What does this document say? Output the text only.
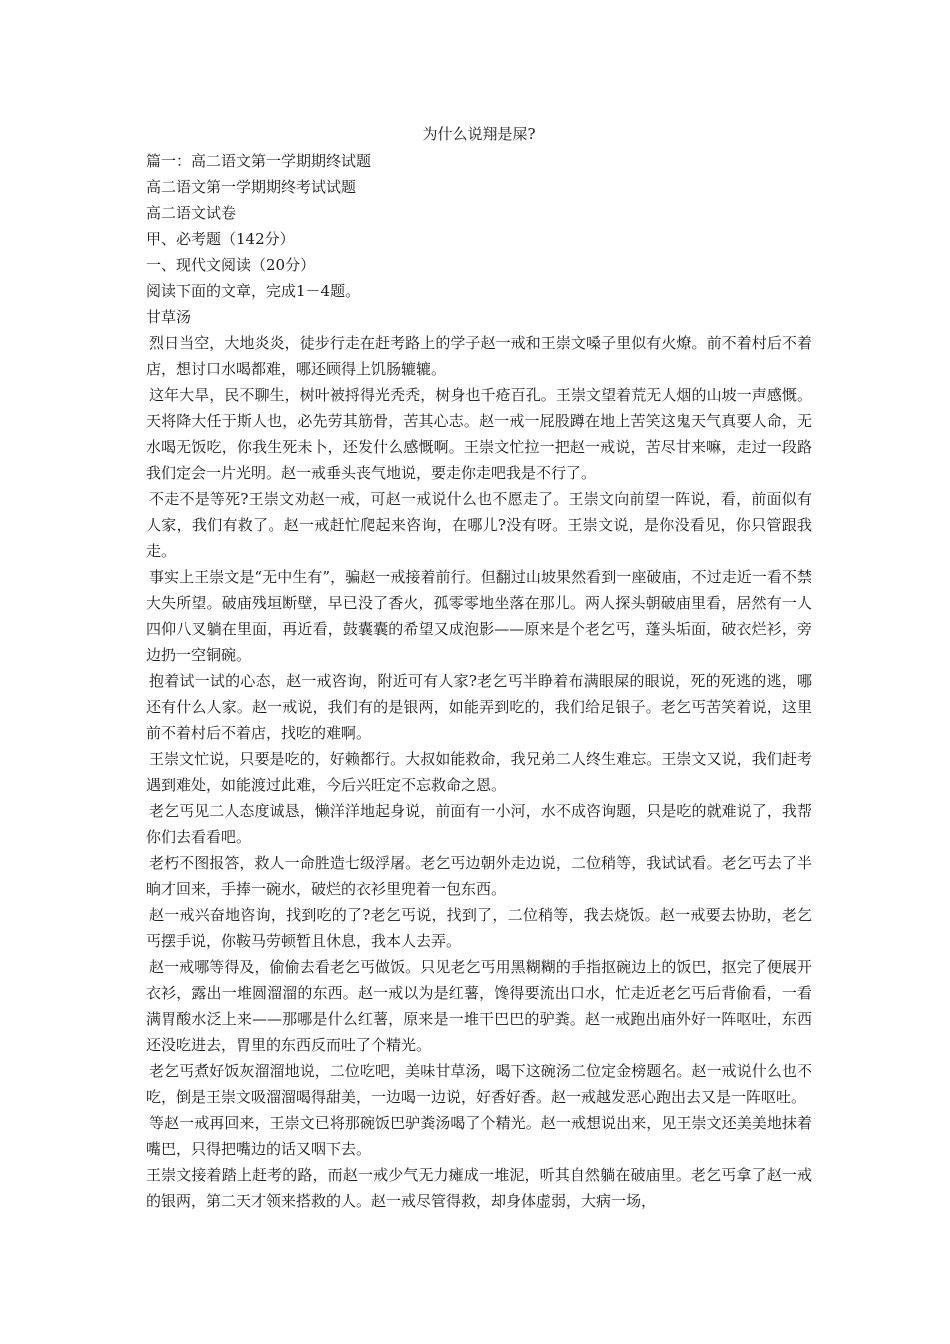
为什么说翔是屎?

篇一：高二语文第一学期期终试题

高二语文第一学期期终考试试题

高二语文试卷

甲、必考题（142分）

一、现代文阅读（20分）

阅读下面的文章，完成1－4题。

甘草汤

烈日当空，大地炎炎，徒步行走在赶考路上的学子赵一戒和王崇文嗓子里似有火燎。前不着村后不着店，想讨口水喝都难，哪还顾得上饥肠辘辘。

这年大旱，民不聊生，树叶被捋得光秃秃，树身也千疮百孔。王崇文望着荒无人烟的山坡一声感慨。天将降大任于斯人也，必先劳其筋骨，苦其心志。赵一戒一屁股蹲在地上苦笑这鬼天气真要人命，无水喝无饭吃，你我生死未卜，还发什么感慨啊。王崇文忙拉一把赵一戒说，苦尽甘来嘛，走过一段路我们定会一片光明。赵一戒垂头丧气地说，要走你走吧我是不行了。

不走不是等死?王崇文劝赵一戒，可赵一戒说什么也不愿走了。王崇文向前望一阵说，看，前面似有人家，我们有救了。赵一戒赶忙爬起来咨询，在哪儿?没有呀。王崇文说，是你没看见，你只管跟我走。

事实上王崇文是“无中生有”，骗赵一戒接着前行。但翻过山坡果然看到一座破庙，不过走近一看不禁大失所望。破庙残垣断壁，早已没了香火，孤零零地坐落在那儿。两人探头朝破庙里看，居然有一人四仰八叉躺在里面，再近看，鼓囊囊的希望又成泡影——原来是个老乞丐，蓬头垢面，破衣烂衫，旁边扔一空铜碗。

抱着试一试的心态，赵一戒咨询，附近可有人家?老乞丐半睁着布满眼屎的眼说，死的死逃的逃，哪还有什么人家。赵一戒说，我们有的是银两，如能弄到吃的，我们给足银子。老乞丐苦笑着说，这里前不着村后不着店，找吃的难啊。

王崇文忙说，只要是吃的，好赖都行。大叔如能救命，我兄弟二人终生难忘。王崇文又说，我们赶考遇到难处，如能渡过此难，今后兴旺定不忘救命之恩。

老乞丐见二人态度诚恳，懒洋洋地起身说，前面有一小河，水不成咨询题，只是吃的就难说了，我帮你们去看看吧。

老朽不图报答，救人一命胜造七级浮屠。老乞丐边朝外走边说，二位稍等，我试试看。老乞丐去了半晌才回来，手捧一碗水，破烂的衣衫里兜着一包东西。

赵一戒兴奋地咨询，找到吃的了?老乞丐说，找到了，二位稍等，我去烧饭。赵一戒要去协助，老乞丐摆手说，你鞍马劳顿暂且休息，我本人去弄。

赵一戒哪等得及，偷偷去看老乞丐做饭。只见老乞丐用黑糊糊的手指抠碗边上的饭巴，抠完了便展开衣衫，露出一堆圆溜溜的东西。赵一戒以为是红薯，馋得要流出口水，忙走近老乞丐后背偷看，一看满胃酸水泛上来——那哪是什么红薯，原来是一堆干巴巴的驴粪。赵一戒跑出庙外好一阵呕吐，东西还没吃进去，胃里的东西反而吐了个精光。

老乞丐煮好饭灰溜溜地说，二位吃吧，美味甘草汤，喝下这碗汤二位定金榜题名。赵一戒说什么也不吃，倒是王崇文吸溜溜喝得甜美，一边喝一边说，好香好香。赵一戒越发恶心跑出去又是一阵呕吐。

等赵一戒再回来，王崇文已将那碗饭巴驴粪汤喝了个精光。赵一戒想说出来，见王崇文还美美地抹着嘴巴，只得把嘴边的话又咽下去。

王崇文接着踏上赶考的路，而赵一戒少气无力瘫成一堆泥，听其自然躺在破庙里。老乞丐拿了赵一戒的银两，第二天才领来搭救的人。赵一戒尽管得救，却身体虚弱，大病一场，
